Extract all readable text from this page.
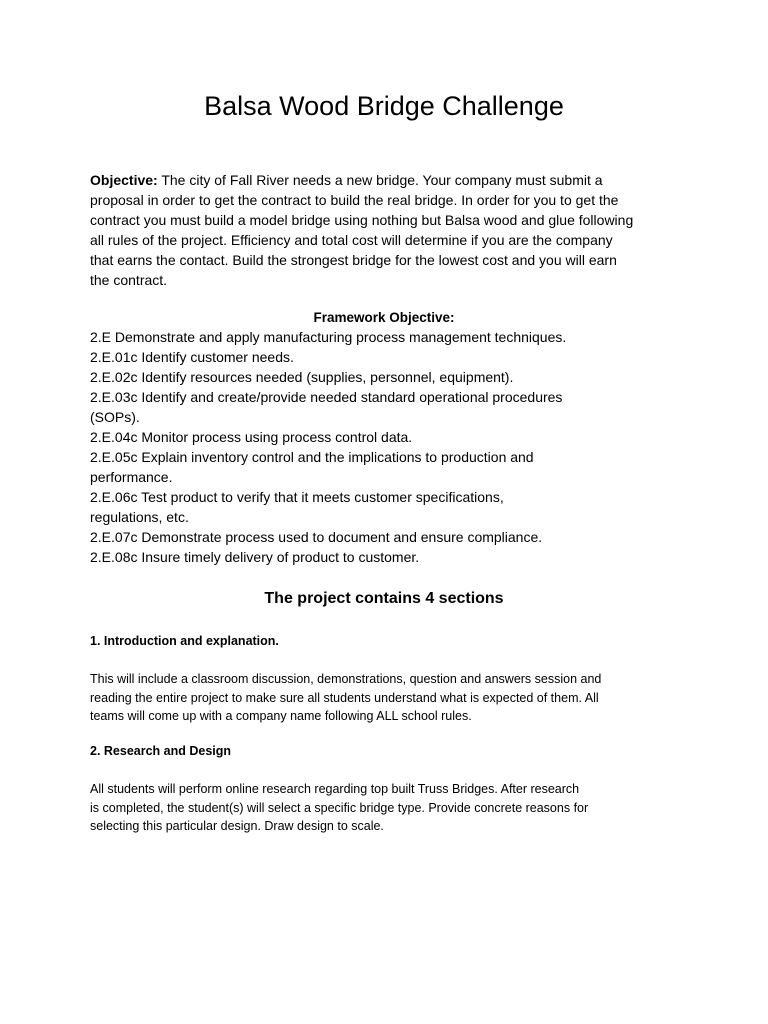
Balsa Wood Bridge Challenge

Objective: The city of Fall River needs a new bridge. Your company must submit a
proposal in order to get the contract to build the real bridge. In order for you to get the
contract you must build a model bridge using nothing but Balsa wood and glue following
all rules of the project. Efficiency and total cost will determine if you are the company
that earns the contact. Build the strongest bridge for the lowest cost and you will earn
the contract.

Framework Objective:

2.E Demonstrate and apply manufacturing process management techniques.
2.E.01c Identify customer needs.
2.E.02c Identify resources needed (supplies, personnel, equipment).
2.E.03c Identify and create/provide needed standard operational procedures
(SOPs).
2.E.04c Monitor process using process control data.
2.E.05c Explain inventory control and the implications to production and
performance.
2.E.06c Test product to verify that it meets customer specifications,
regulations, etc.
2.E.07c Demonstrate process used to document and ensure compliance.
2.E.08c Insure timely delivery of product to customer.

The project contains 4 sections

1. Introduction and explanation.

This will include a classroom discussion, demonstrations, question and answers session and
reading the entire project to make sure all students understand what is expected of them. All
teams will come up with a company name following ALL school rules.

2. Research and Design

All students will perform online research regarding top built Truss Bridges. After research
is completed, the student(s) will select a specific bridge type. Provide concrete reasons for
selecting this particular design. Draw design to scale.
